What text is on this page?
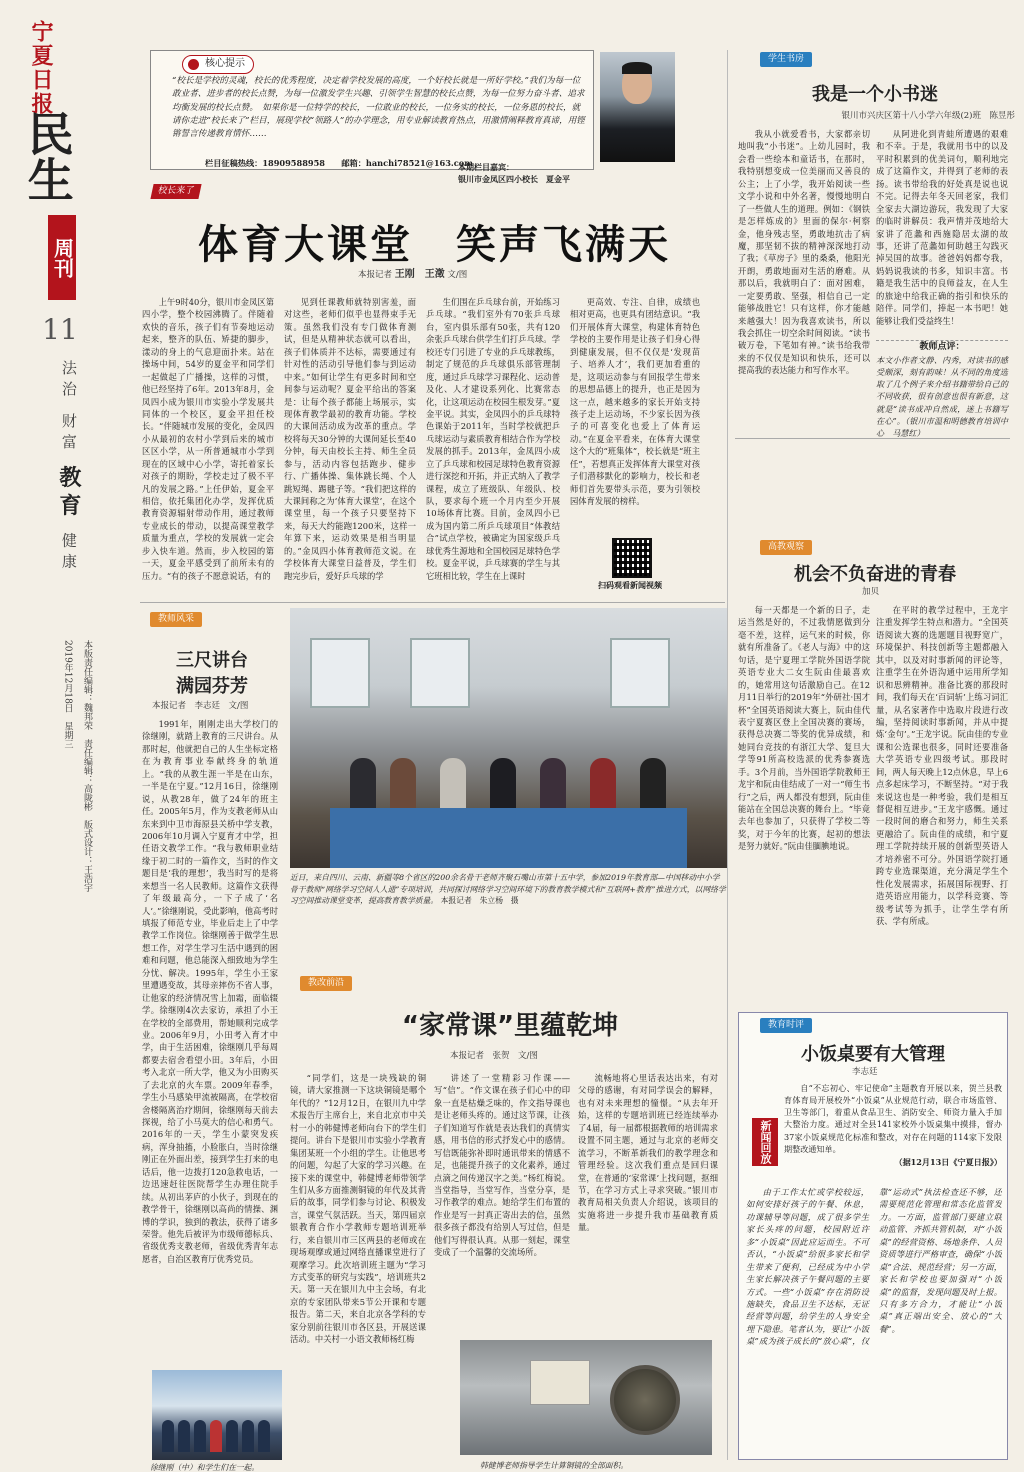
宁夏日报
民生
周刊
11
法治 财富 教育 健康
本版责任编辑：魏邦荣　责任编辑：高陇彬　版式设计：王浩宇
2019年12月18日　星期三
核心提示
“校长是学校的灵魂，校长的优秀程度，决定着学校发展的高度，一个好校长就是一所好学校。”我们为每一位敢业者、进步者的校长点赞，为每一位激发学生兴趣、引领学生智慧的校长点赞，为每一位努力奋斗者、追求均衡发展的校长点赞。　如果你是一位特学的校长，一位敢业的校长，一位务实的校长，一位务恩的校长，就请你走进“校长来了”栏目，展现学校“领路人”的办学理念，用专业解读教育热点，用激情阐释教育真谛，用铿锵誓言传递教育情怀……
栏目征稿热线：18909588958　　邮箱：hanchi78521@163.com
本期栏目嘉宾：
银川市金凤区四小校长　夏金平
校长来了
体育大课堂　笑声飞满天
本报记者 王刚　王澂 文/图

上午9时40分，银川市金凤区第四小学，整个校园沸腾了。伴随着欢快的音乐，孩子们有节奏地运动起来，整齐的队伍、矫捷的脚步，漾动的身上的气息迎面扑来。站在操场中间，54岁的夏金平和同学们一起做起了广播操，这样的习惯，他已经坚持了6年。2013年8月，金凤四小成为银川市实验小学发展共同体的一个校区，夏金平担任校长。“伴随城市发展的变化，金凤四小从最初的农村小学到后来的城市区区小学，从一所普通城市小学到现在的区域中心小学，寄托着家长对孩子的期盼，学校走过了极不平凡的发展之路。”上任伊始，夏金平相信，依托集团化办学，发挥优质教育资源辐射带动作用，通过教师专业成长的带动，以提高课堂教学质量为重点，学校的发展就一定会步入快车道。然而，步入校园的第一天，夏金平感受到了前所未有的压力。“有的孩子不愿意说话，有的

见到任课教师就特别害羞，面对这些，老师们似乎也显得束手无策。虽然我们没有专门做体育测试，但是从精神状态就可以看出，孩子们体质并不达标，需要通过有针对性的活动引导他们参与到运动中来。”如何让学生有更多时间和空间参与运动呢？夏金平给出的答案是：让每个孩子都能上场展示，实现体育教学最初的教育功能。学校的大课间活动成为改革的重点。学校将每天30分钟的大课间延长至40分钟，每天由校长主持、师生全员参与，活动内容包括跑步、健步行、广播体操、集体跳长绳、个人跳短绳、踢毽子等。“我们把这样的大课间称之为‘体育大课堂’，在这个课堂里，每一个孩子只要坚持下来，每天大约能跑1200米，这样一年算下来，运动效果是相当明显的。”金凤四小体育教师范文说。在学校体育大课堂日益普及，学生们跑完步后，爱好乒乓球的学

生们围在乒乓球台前，开始练习乒乓球。“我们室外有70张乒乓球台，室内俱乐部有50张，共有120余张乒乓球台供学生们打乒乓球。学校还专门引进了专业的乒乓球教练，制定了规范的乒乓球俱乐部管理制度，通过乒乓球学习课程化、运动普及化、人才建设系列化、比赛常态化，让这项运动在校园生根发芽。”夏金平说。其实，金凤四小的乒乓球特色课始于2011年，当时学校就把乒乓球运动与素质教育相结合作为学校发展的抓手。2013年，金凤四小成立了乒乓球和校园足球特色教育资源进行深挖和开拓，并正式纳入了教学课程，成立了班级队、年级队、校队，要求每个班一个月内至少开展10场体育比赛。目前，金凤四小已成为国内第二所乒乓球项目“体教结合”试点学校，被确定为国家级乒乓球优秀生源地和全国校园足球特色学校。夏金平说，乒乓球赛的学生与其它班相比较，学生在上课时

更高效、专注、自律，成绩也相对更高，也更具有团结意识。“我们开展体育大课堂，构建体育特色学校的主要作用是让孩子们身心得到健康发展，但不仅仅是‘发现苗子、培养人才’，我们更加看重的是，这项运动参与有回报学生带来的思想品德上的提升，也正是因为这一点，越来越多的家长开始支持孩子走上运动场，不少家长因为孩子的可喜变化也爱上了体育运动。”在夏金平看来，在体育大课堂这个大的“班集体”，校长就是“班主任”，若想真正发挥体育大课堂对孩子们潜移默化的影响力，校长和老师们首先要带头示范，要为引领校园体育发展的榜样。

扫码观看新闻视频
教师风采
三尺讲台
满园芬芳
本报记者　李志廷　文/图

1991年，刚刚走出大学校门的徐继刚，就踏上教育的三尺讲台。从那时起，他就把自己的人生坐标定格在为教育事业奉献终身的轨道上。“我的从教生涯一半是在山东，一半是在宁夏。”12月16日，徐继刚说，从教28年，做了24年的班主任。2005年5月，作为支教老师从山东来到中卫市海原县关桥中学支教，2006年10月调入宁夏育才中学，担任语文教学工作。“我与教师职业结缘于初二时的一篇作文，当时的作文题目是‘我的理想’，我当时写的是将来想当一名人民教师。这篇作文获得了年级最高分，一下子成了‘名人’。”徐继刚说，受此影响，他高考时填报了师范专业，毕业后走上了中学教学工作岗位。徐继刚善于做学生思想工作，对学生学习生活中遇到的困难和问题，他总能深入细致地为学生分忧、解决。1995年，学生小王家里遭遇变故，其母亲摔伤不省人事，让他家的经济情况雪上加霜，面临辍学。徐继刚4次去家访，承担了小王在学校的全部费用，帮她顺利完成学业。2006年9月，小田考入育才中学，由于生活困难，徐继刚几乎每周都要去宿舍看望小田。3年后，小田考入北京一所大学，他又为小田购买了去北京的火车票。2009年春季，学生小马感染甲流被隔离，在学校宿舍楼隔离治疗期间，徐继刚每天前去探视，给了小马莫大的信心和勇气。2016年的一天，学生小蒙突发疾病，浑身抽搐，小脸胀白，当时徐继刚正在外面出差，接到学生打来的电话后，他一边拨打120急救电话，一边迅速赶往医院帮学生办理住院手续。从初出茅庐的小伙子，到现在的教学骨干，徐继刚以高尚的情操、渊博的学识，独到的教法，获得了诸多荣誉。他先后被评为市级师德标兵、省级优秀支教老师，省级优秀青年志愿者，自治区教育厅优秀党员。

徐继刚（中）和学生们在一起。
近日，来自四川、云南、新疆等8个省区的200余名骨干老师齐聚石嘴山市第十五中学，参加2019年教育部—中国移动中小学骨干教师“网络学习空间人人通”专项培训，共同探讨网络学习空间环境下的教育教学模式和“互联网+教育”推进方式，以网络学习空间推动课堂变革，提高教育教学质量。 本报记者　朱立杨　摄
教改前沿
“家常课”里蕴乾坤
本报记者　张贺　文/图

“同学们，这是一块残缺的铜镜，请大家推测一下这块铜镜是哪个年代的？”12月12日，在银川九中学术报告厅主席台上，来自北京市中关村一小的韩健博老师向台下的学生们提问。讲台下是银川市实验小学教育集团某班一个小组的学生。让他思考的问题，勾起了大家的学习兴趣。在接下来的课堂中，韩健博老师带领学生们从多方面推测铜镜的年代及其背后的故事，同学们参与讨论、积极发言，课堂气氛活跃。当天，第四届京银教育合作小学教师专题培训班举行，来自银川市三区两县的老师或在现场观摩或通过网络直播课堂进行了观摩学习。此次培训班主题为“学习方式变革的研究与实践”，培训班共2天。第一天在银川九中主会场，有北京的专家团队带来5节公开课和专题报告。第二天，来自北京各学科的专家分别前往银川市各区县，开展送课活动。中关村一小语文教师杨红梅

讲述了一堂精彩习作课——写“信”。“作文课在孩子们心中的印象一直是枯燥乏味的，作文指导课也是让老师头疼的。通过这节课，让孩子们知道写作就是表达我们的真情实感，用书信的形式抒发心中的感情。写信既能弥补即时通讯带来的情感不足，也能提升孩子的文化素养，通过点滴之间传递汉字之美。”杨红梅说。当堂指导，当堂写作，当堂分享，是习作教学的难点。她给学生们布置的作业是写一封真正寄出去的信，虽然很多孩子都没有给别人写过信，但是他们写得很认真。从那一刻起，课堂变成了一个温馨的交流场所。

流畅地将心里话表达出来，有对父母的感谢，有对同学误会的解释，也有对未来理想的憧憬。“从去年开始，这样的专题培训班已经连续举办了4届，每一届都根据教师的培训需求设置不同主题，通过与北京的老师交流学习，不断革新我们的教学理念和管理经验。这次我们重点是回归课堂，在普通的‘家常课’上找问题，抠细节，在学习方式上寻求突破。”银川市教育局相关负责人介绍说，该项目的实施将进一步提升我市基础教育质量。

韩健博老师指导学生计算铜镜的全部面积。
学生书房
我是一个小书迷
银川市兴庆区第十八小学六年级(2)班　陈昱彤

我从小就爱看书，大家都亲切地叫我“小书迷”。上幼儿园时，我会看一些绘本和童话书，在那时，我特别想变成一位美丽而又善良的公主；上了小学，我开始阅读一些文学小说和中外名著，慢慢地明白了一些做人生的道理。例如：《钢铁是怎样炼成的》里面的保尔·柯察金，他身残志坚，勇敢地抗击了病魔，那坚韧不拔的精神深深地打动了我；《草房子》里的桑桑，他阳光开朗，勇敢地面对生活的磨难。从那以后，我就明白了：面对困难，一定要勇敢、坚强，相信自己一定能够战胜它！只有这样，你才能越来越强大！因为我喜欢读书，所以我会抓住一切空余时间阅读。“读书破万卷，下笔如有神。”读书给我带来的不仅仅是知识和快乐，还可以提高我的表达能力和写作水平。

从阿进化到青蛙所遭遇的艰难和不幸。于是，我就用书中的以及平时积累到的优美词句，顺利地完成了这篇作文，并得到了老师的表扬。读书带给我的好处真是说也说不完。记得去年冬天回老家，我们全家去大湖边游玩，我发现了大家的临时讲解员：我声情并茂地给大家讲了范蠡和西施隐居太湖的故事，还讲了范蠡如何助越王勾践灭掉吴国的故事。爸爸妈妈都夸我，妈妈说我读的书多，知识丰富。书籍是我生活中的良师益友，在人生的旅途中给我正确的指引和快乐的陪伴。同学们，捧起一本书吧！她能够让我们受益终生！

教师点评：
本文小作者文静、内秀，对读书的感受颇深，刻有韵味！从不同的角度选取了几个例子来介绍书籍带给自己的不同收获，很有创意也很有新意，这就是“读书成冲自然成，迷上书籍写在心”。（银川市温和明德教育培训中心　马慧红）
高教观察
机会不负奋进的青春
加贝

每一天都是一个新的日子，走运当然是好的，不过我情愿做到分毫不差，这样，运气来的时候，你就有所准备了。《老人与海》中的这句话，是宁夏理工学院外国语学院英语专业大二女生阮由佳最喜欢的，她常用这句话激励自己。在12月11日举行的2019年“外研社·国才杯”全国英语阅读大赛上，阮由佳代表宁夏赛区登上全国决赛的赛场，获得总决赛二等奖的优异成绩，和她同台竞技的有浙江大学、复旦大学等91所高校选派的优秀参赛选手。3个月前，当外国语学院教师王龙宇和阮由佳结成了一对一“师生书行”之后，两人都没有想到，阮由佳能站在全国总决赛的舞台上。“毕竟去年也参加了，只获得了学校二等奖，对于今年的比赛，起初的想法是努力就好。”阮由佳腼腆地说。

在平时的教学过程中，王龙宇注重发挥学生特点和潜力。“全国英语阅读大赛的选题题目视野宽广，环境保护、科技创新等主题都融入其中，以及对时事新闻的评论等，注重学生在外语沟通中运用所学知识和思辨精神。准备比赛的那段时间，我们每天在‘百词斩’上练习词汇量，从名家著作中选取片段进行改编，坚持阅读时事新闻，并从中提炼‘金句’。”王龙宇说。阮由佳的专业课和公选课也很多，同时还要准备大学英语专业四级考试。那段时间，两人每天晚上12点休息，早上6点多起床学习，不断坚持。“对于我来说这也是一种考验，我们是相互督促相互进步。”王龙宇感慨。通过一段时间的磨合和努力，师生关系更融洽了。阮由佳的成绩，和宁夏理工学院持续开展的创新型英语人才培养密不可分。外国语学院打通跨专业选课渠道，充分满足学生个性化发展需求，拓展国际视野、打造英语应用能力，以学科竞赛、等级考试等为抓手，让学生学有所获、学有所成。

教育时评
小饭桌要有大管理
李志廷
新闻回放

自“不忘初心、牢记使命”主题教育开展以来，贺兰县教育体育局开展校外“小饭桌”从业规范行动，联合市场监管、卫生等部门，着重从食品卫生、消防安全、师资力量入手加大整治力度。通过对全县141家校外小饭桌集中摸排，督办37家小饭桌规范化标准和整改，对存在问题的114家下发限期整改通知单。

（据12月13日《宁夏日报》）

由于工作太忙或学校较远，如何安排好孩子的午餐、休息，功课辅导等问题，成了很多学生家长头疼的问题，校园附近许多“小饭桌”因此应运而生。不可否认，“小饭桌”给很多家长和学生带来了便利，已经成为中小学生家长解决孩子午餐问题的主要方式。一些“小饭桌”存在消防设施缺失，食品卫生不达标，无证经营等问题，给学生的人身安全埋下隐患。笔者认为，要让“小饭桌”成为孩子成长的“放心桌”，仅靠“运动式”执法检查还不够，还需要规范化管理和常态化监管发力。一方面，监管部门要建立联动监管、齐抓共管机制，对“小饭桌”的经营资格、场地条件、人员资质等进行严格审查，确保“小饭桌”合法、规范经营；另一方面，家长和学校也要加强对“小饭桌”的监督，发现问题及时上报。只有多方合力，才能让“小饭桌”真正端出安全、放心的“大餐”。
